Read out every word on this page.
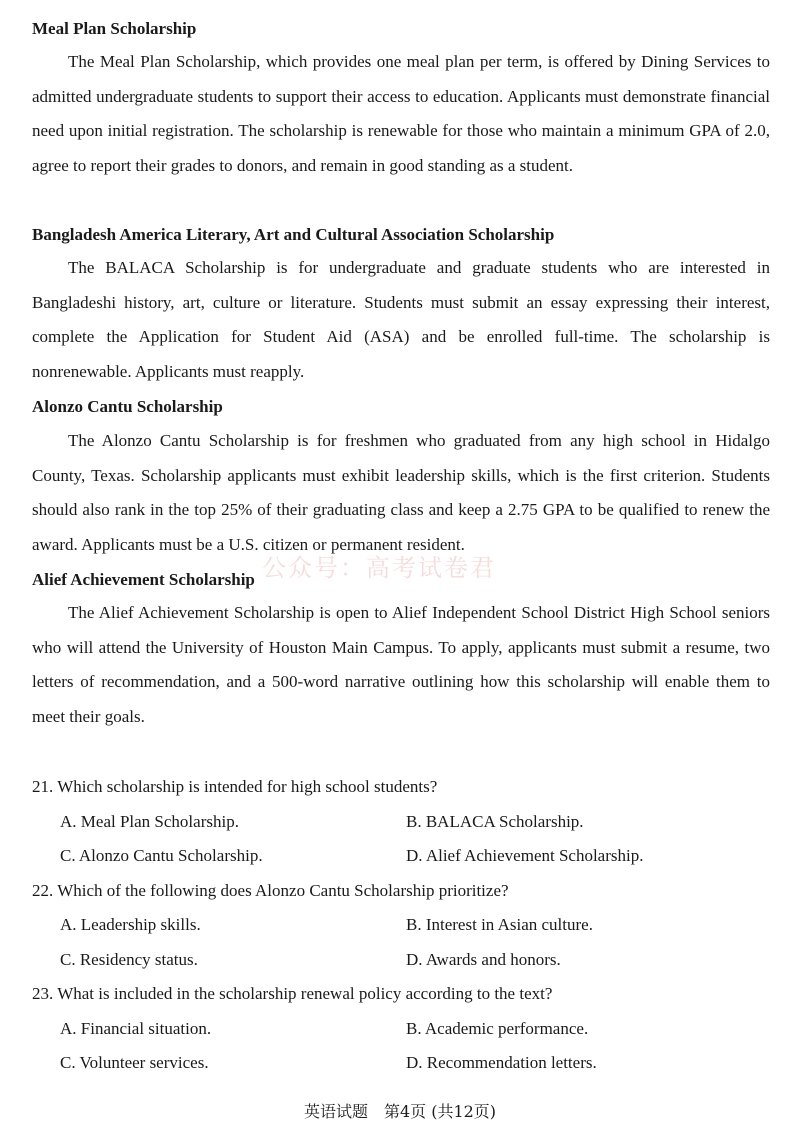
Meal Plan Scholarship

The Meal Plan Scholarship, which provides one meal plan per term, is offered by Dining Services to admitted undergraduate students to support their access to education. Applicants must demonstrate financial need upon initial registration. The scholarship is renewable for those who maintain a minimum GPA of 2.0, agree to report their grades to donors, and remain in good standing as a student.

Bangladesh America Literary, Art and Cultural Association Scholarship

The BALACA Scholarship is for undergraduate and graduate students who are interested in Bangladeshi history, art, culture or literature. Students must submit an essay expressing their interest, complete the Application for Student Aid (ASA) and be enrolled full-time. The scholarship is nonrenewable. Applicants must reapply.

Alonzo Cantu Scholarship

The Alonzo Cantu Scholarship is for freshmen who graduated from any high school in Hidalgo County, Texas. Scholarship applicants must exhibit leadership skills, which is the first criterion. Students should also rank in the top 25% of their graduating class and keep a 2.75 GPA to be qualified to renew the award. Applicants must be a U.S. citizen or permanent resident.

Alief Achievement Scholarship

The Alief Achievement Scholarship is open to Alief Independent School District High School seniors who will attend the University of Houston Main Campus. To apply, applicants must submit a resume, two letters of recommendation, and a 500-word narrative outlining how this scholarship will enable them to meet their goals.

21. Which scholarship is intended for high school students?
A. Meal Plan Scholarship.	B. BALACA Scholarship.
C. Alonzo Cantu Scholarship.	D. Alief Achievement Scholarship.
22. Which of the following does Alonzo Cantu Scholarship prioritize?
A. Leadership skills.	B. Interest in Asian culture.
C. Residency status.	D. Awards and honors.
23. What is included in the scholarship renewal policy according to the text?
A. Financial situation.	B. Academic performance.
C. Volunteer services.	D. Recommendation letters.
公众号：高考试卷君
英语试题　第4页 (共12页)
